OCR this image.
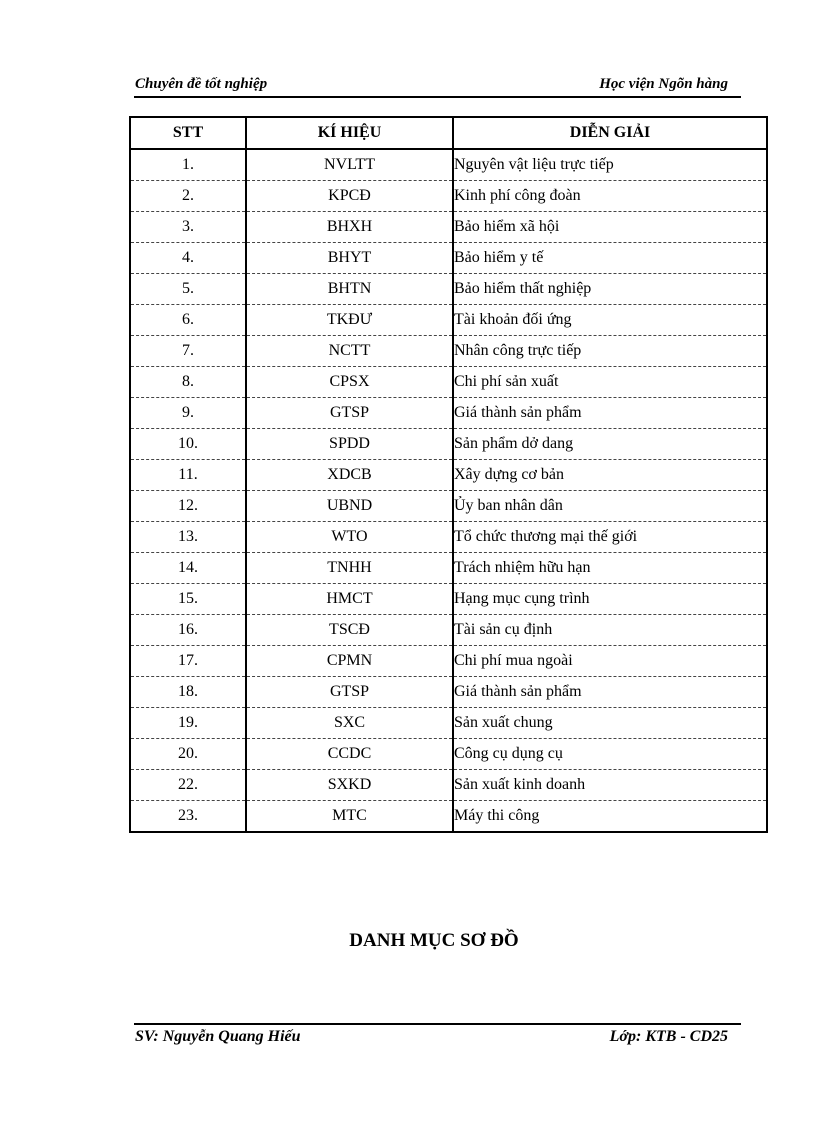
Chuyên đề tốt nghiệp	Học viện Ngõn hàng
STT	KÍ HIỆU	DIỄN GIẢI
1.	NVLTT	Nguyên vật liệu trực tiếp
2.	KPCĐ	Kinh phí công đoàn
3.	BHXH	Bảo hiểm xã hội
4.	BHYT	Bảo hiểm y tế
5.	BHTN	Bảo hiểm thất nghiệp
6.	TKĐƯ	Tài khoản đối ứng
7.	NCTT	Nhân công trực tiếp
8.	CPSX	Chi phí sản xuất
9.	GTSP	Giá thành sản phẩm
10.	SPDD	Sản phẩm dở dang
11.	XDCB	Xây dựng cơ bản
12.	UBND	Ủy ban nhân dân
13.	WTO	Tổ chức thương mại thế giới
14.	TNHH	Trách nhiệm hữu hạn
15.	HMCT	Hạng mục cụng trình
16.	TSCĐ	Tài sản cụ định
17.	CPMN	Chi phí mua ngoài
18.	GTSP	Giá thành sản phẩm
19.	SXC	Sản xuất chung
20.	CCDC	Công cụ dụng cụ
22.	SXKD	Sản xuất kinh doanh
23.	MTC	Máy thi công
DANH MỤC SƠ ĐỒ
SV: Nguyễn Quang Hiếu	Lớp: KTB - CD25
